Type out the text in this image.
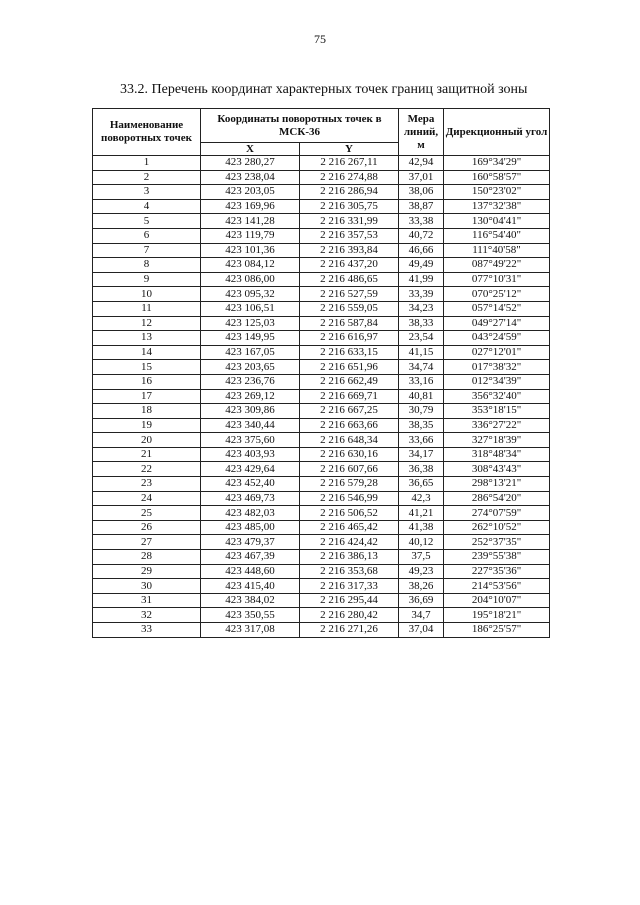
75
33.2. Перечень координат характерных точек границ защитной зоны
Наименование поворотных точек	Координаты поворотных точек в МСК-36		Мера линий, м	Дирекционный угол
	X	Y		
1	423 280,27	2 216 267,11	42,94	169°34'29"
2	423 238,04	2 216 274,88	37,01	160°58'57"
3	423 203,05	2 216 286,94	38,06	150°23'02"
4	423 169,96	2 216 305,75	38,87	137°32'38"
5	423 141,28	2 216 331,99	33,38	130°04'41"
6	423 119,79	2 216 357,53	40,72	116°54'40"
7	423 101,36	2 216 393,84	46,66	111°40'58"
8	423 084,12	2 216 437,20	49,49	087°49'22"
9	423 086,00	2 216 486,65	41,99	077°10'31"
10	423 095,32	2 216 527,59	33,39	070°25'12"
11	423 106,51	2 216 559,05	34,23	057°14'52"
12	423 125,03	2 216 587,84	38,33	049°27'14"
13	423 149,95	2 216 616,97	23,54	043°24'59"
14	423 167,05	2 216 633,15	41,15	027°12'01"
15	423 203,65	2 216 651,96	34,74	017°38'32"
16	423 236,76	2 216 662,49	33,16	012°34'39"
17	423 269,12	2 216 669,71	40,81	356°32'40"
18	423 309,86	2 216 667,25	30,79	353°18'15"
19	423 340,44	2 216 663,66	38,35	336°27'22"
20	423 375,60	2 216 648,34	33,66	327°18'39"
21	423 403,93	2 216 630,16	34,17	318°48'34"
22	423 429,64	2 216 607,66	36,38	308°43'43"
23	423 452,40	2 216 579,28	36,65	298°13'21"
24	423 469,73	2 216 546,99	42,3	286°54'20"
25	423 482,03	2 216 506,52	41,21	274°07'59"
26	423 485,00	2 216 465,42	41,38	262°10'52"
27	423 479,37	2 216 424,42	40,12	252°37'35"
28	423 467,39	2 216 386,13	37,5	239°55'38"
29	423 448,60	2 216 353,68	49,23	227°35'36"
30	423 415,40	2 216 317,33	38,26	214°53'56"
31	423 384,02	2 216 295,44	36,69	204°10'07"
32	423 350,55	2 216 280,42	34,7	195°18'21"
33	423 317,08	2 216 271,26	37,04	186°25'57"
